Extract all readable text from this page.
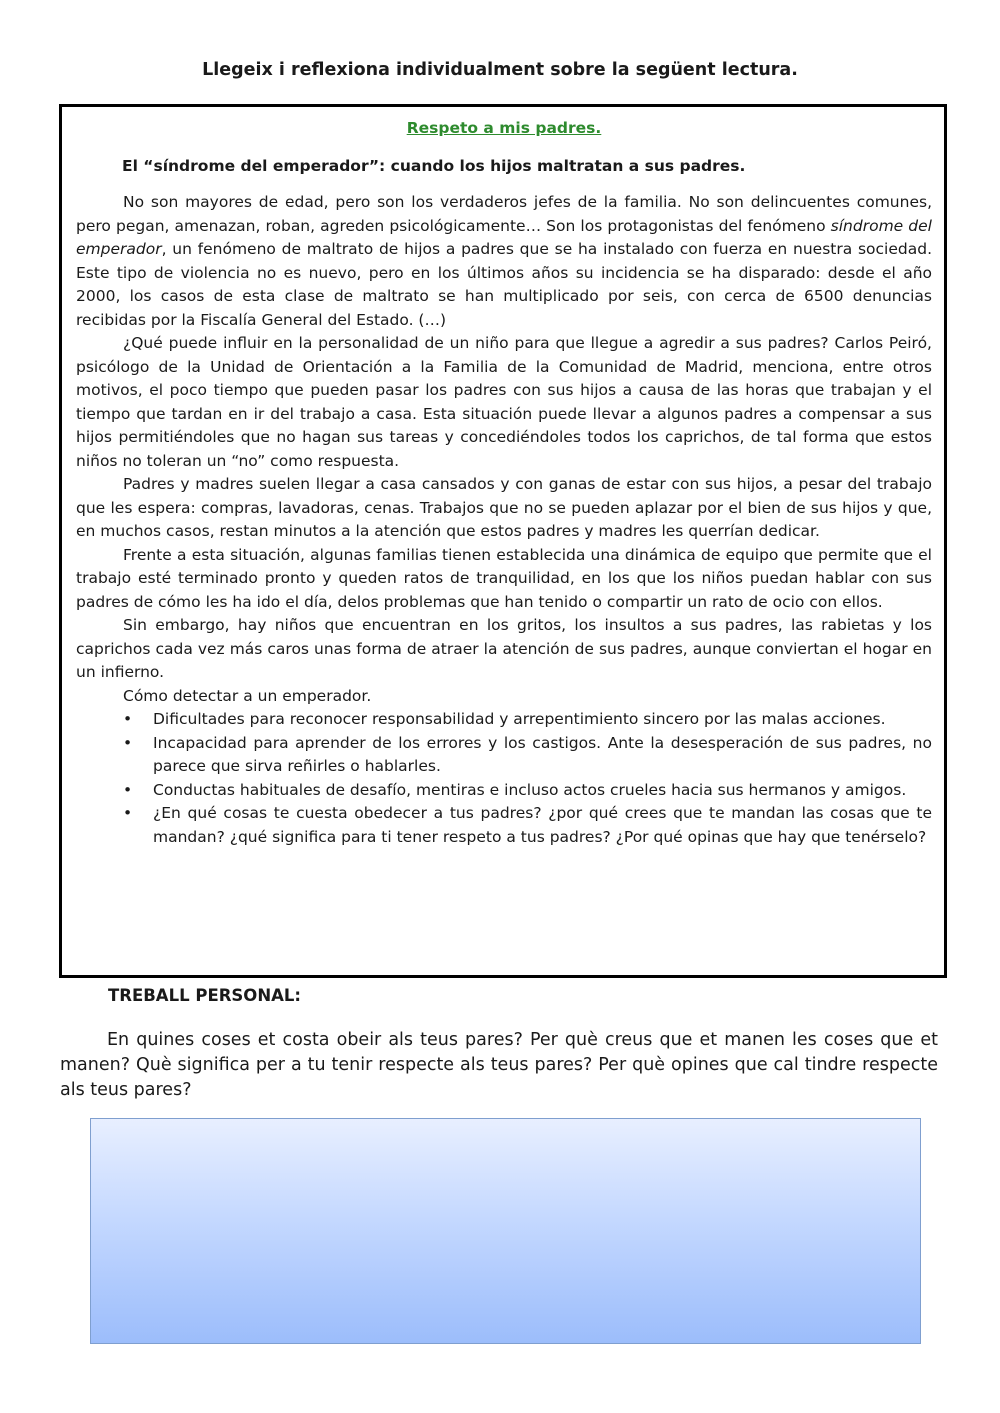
Llegeix i reflexiona individualment sobre la següent lectura.
Respeto a mis padres.
El “síndrome del emperador”: cuando los hijos maltratan a sus padres.

No son mayores de edad, pero son los verdaderos jefes de la familia. No son delincuentes comunes, pero pegan, amenazan, roban, agreden psicológicamente… Son los protagonistas del fenómeno síndrome del emperador, un fenómeno de maltrato de hijos a padres que se ha instalado con fuerza en nuestra sociedad. Este tipo de violencia no es nuevo, pero en los últimos años su incidencia se ha disparado: desde el año 2000, los casos de esta clase de maltrato se han multiplicado por seis, con cerca de 6500 denuncias recibidas por la Fiscalía General del Estado. (…)

¿Qué puede influir en la personalidad de un niño para que llegue a agredir a sus padres? Carlos Peiró, psicólogo de la Unidad de Orientación a la Familia de la Comunidad de Madrid, menciona, entre otros motivos, el poco tiempo que pueden pasar los padres con sus hijos a causa de las horas que trabajan y el tiempo que tardan en ir del trabajo a casa. Esta situación puede llevar a algunos padres a compensar a sus hijos permitiéndoles que no hagan sus tareas y concediéndoles todos los caprichos, de tal forma que estos niños no toleran un “no” como respuesta.

Padres y madres suelen llegar a casa cansados y con ganas de estar con sus hijos, a pesar del trabajo que les espera: compras, lavadoras, cenas. Trabajos que no se pueden aplazar por el bien de sus hijos y que, en muchos casos, restan minutos a la atención que estos padres y madres les querrían dedicar.

Frente a esta situación, algunas familias tienen establecida una dinámica de equipo que permite que el trabajo esté terminado pronto y queden ratos de tranquilidad, en los que los niños puedan hablar con sus padres de cómo les ha ido el día, delos problemas que han tenido o compartir un rato de ocio con ellos.

Sin embargo, hay niños que encuentran en los gritos, los insultos a sus padres, las rabietas y los caprichos cada vez más caros unas forma de atraer la atención de sus padres, aunque conviertan el hogar en un infierno.

Cómo detectar a un emperador.

• Dificultades para reconocer responsabilidad y arrepentimiento sincero por las malas acciones.
• Incapacidad para aprender de los errores y los castigos. Ante la desesperación de sus padres, no parece que sirva reñirles o hablarles.
• Conductas habituales de desafío, mentiras e incluso actos crueles hacia sus hermanos y amigos.
• ¿En qué cosas te cuesta obedecer a tus padres? ¿por qué crees que te mandan las cosas que te mandan? ¿qué significa para ti tener respeto a tus padres? ¿Por qué opinas que hay que tenérselo?
TREBALL PERSONAL:

En quines coses et costa obeir als teus pares? Per què creus que et manen les coses que et manen? Què significa per a tu tenir respecte als teus pares? Per què opines que cal tindre respecte als teus pares?
